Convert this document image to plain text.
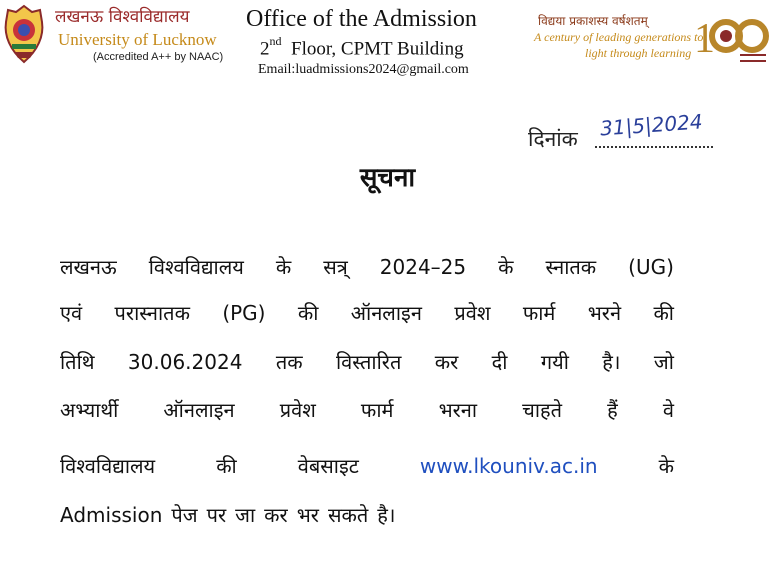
लखनऊ विश्वविद्यालय
University of Lucknow
(Accredited A++ by NAAC)
Office of the Admission
2nd Floor, CPMT Building
Email:luadmissions2024@gmail.com
विद्यया प्रकाशस्य वर्षशतम्
A century of leading generations to
light through learning 1
दिनांक 31|5|2024
सूचना
लखनऊ विश्वविद्यालय के सत्र् 2024–25 के स्नातक (UG)
एवं परास्नातक (PG) की ऑनलाइन प्रवेश फार्म भरने की
तिथि 30.06.2024 तक विस्तारित कर दी गयी है। जो
अभ्यार्थी ऑनलाइन प्रवेश फार्म भरना चाहते हैं वे
विश्वविद्यालय	की	वेबसाइट	www.lkouniv.ac.in	के
Admission पेज पर जा कर भर सकते है।
